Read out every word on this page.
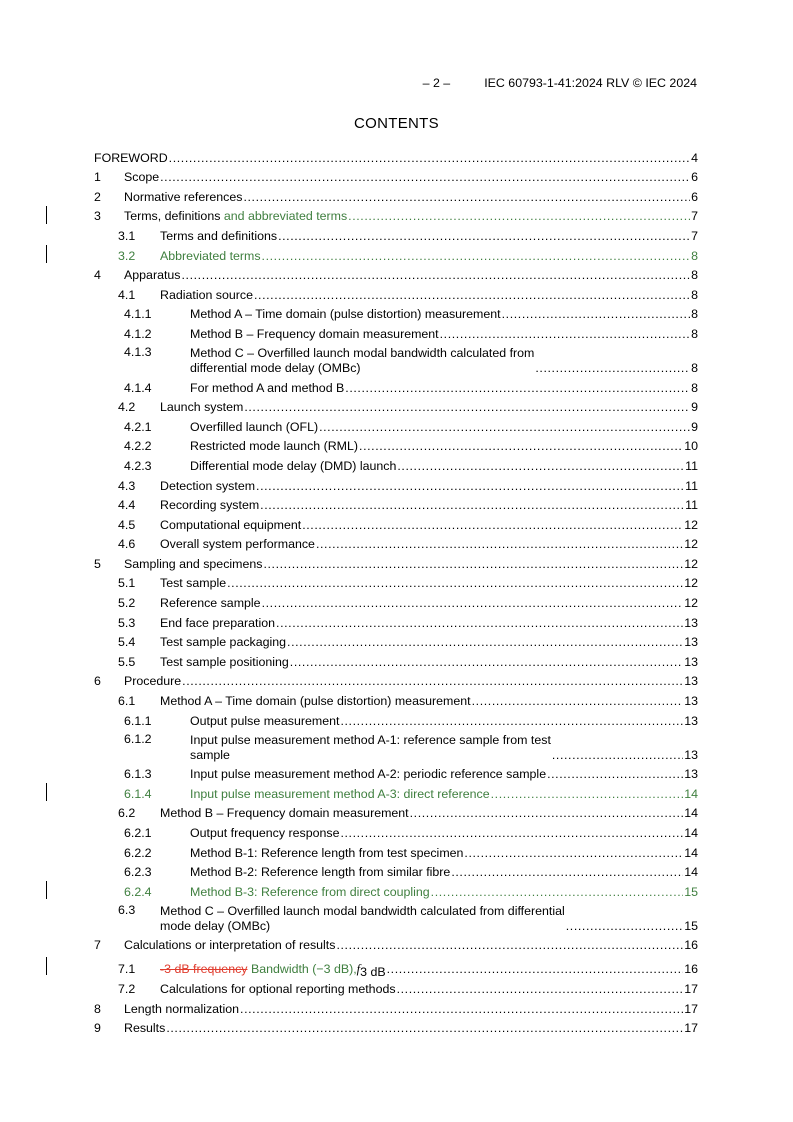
– 2 –	IEC 60793-1-41:2024 RLV © IEC 2024
CONTENTS
FOREWORD .....	4
1	Scope .....	6
2	Normative references .....	6
3	Terms, definitions
and abbreviated terms .....	7
3.1	Terms and definitions .....	7
3.2	Abbreviated terms .....	8
4	Apparatus .....	8
4.1	Radiation source .....	8
4.1.1	Method A – Time domain (pulse distortion) measurement .....	8
4.1.2	Method B – Frequency domain measurement .....	8
4.1.3	Method C – Overfilled launch modal bandwidth calculated from
differential mode delay (OMBc) .....	8
4.1.4	For method A and method B .....	8
4.2	Launch system .....	9
4.2.1	Overfilled launch (OFL) .....	9
4.2.2	Restricted mode launch (RML) .....	10
4.2.3	Differential mode delay (DMD) launch .....	11
4.3	Detection system .....	11
4.4	Recording system .....	11
4.5	Computational equipment .....	12
4.6	Overall system performance .....	12
5	Sampling and specimens .....	12
5.1	Test sample .....	12
5.2	Reference sample .....	12
5.3	End face preparation .....	13
5.4	Test sample packaging .....	13
5.5	Test sample positioning .....	13
6	Procedure .....	13
6.1	Method A – Time domain (pulse distortion) measurement .....	13
6.1.1	Output pulse measurement .....	13
6.1.2	Input pulse measurement method A-1: reference sample from test
sample .....	13
6.1.3	Input pulse measurement method A-2: periodic reference sample .....	13
6.1.4	Input pulse measurement method A-3: direct reference .....	14
6.2	Method B – Frequency domain measurement .....	14
6.2.1	Output frequency response .....	14
6.2.2	Method B-1: Reference length from test specimen .....	14
6.2.3	Method B-2: Reference length from similar fibre .....	14
6.2.4	Method B-3: Reference from direct coupling .....	15
6.3	Method C – Overfilled launch modal bandwidth calculated from differential
mode delay (OMBc) .....	15
7	Calculations or interpretation of results .....	16
7.1	-3 dB frequency
Bandwidth (−3 dB), f 3 dB .....	16
7.2	Calculations for optional reporting methods .....	17
8	Length normalization .....	17
9	Results .....	17
